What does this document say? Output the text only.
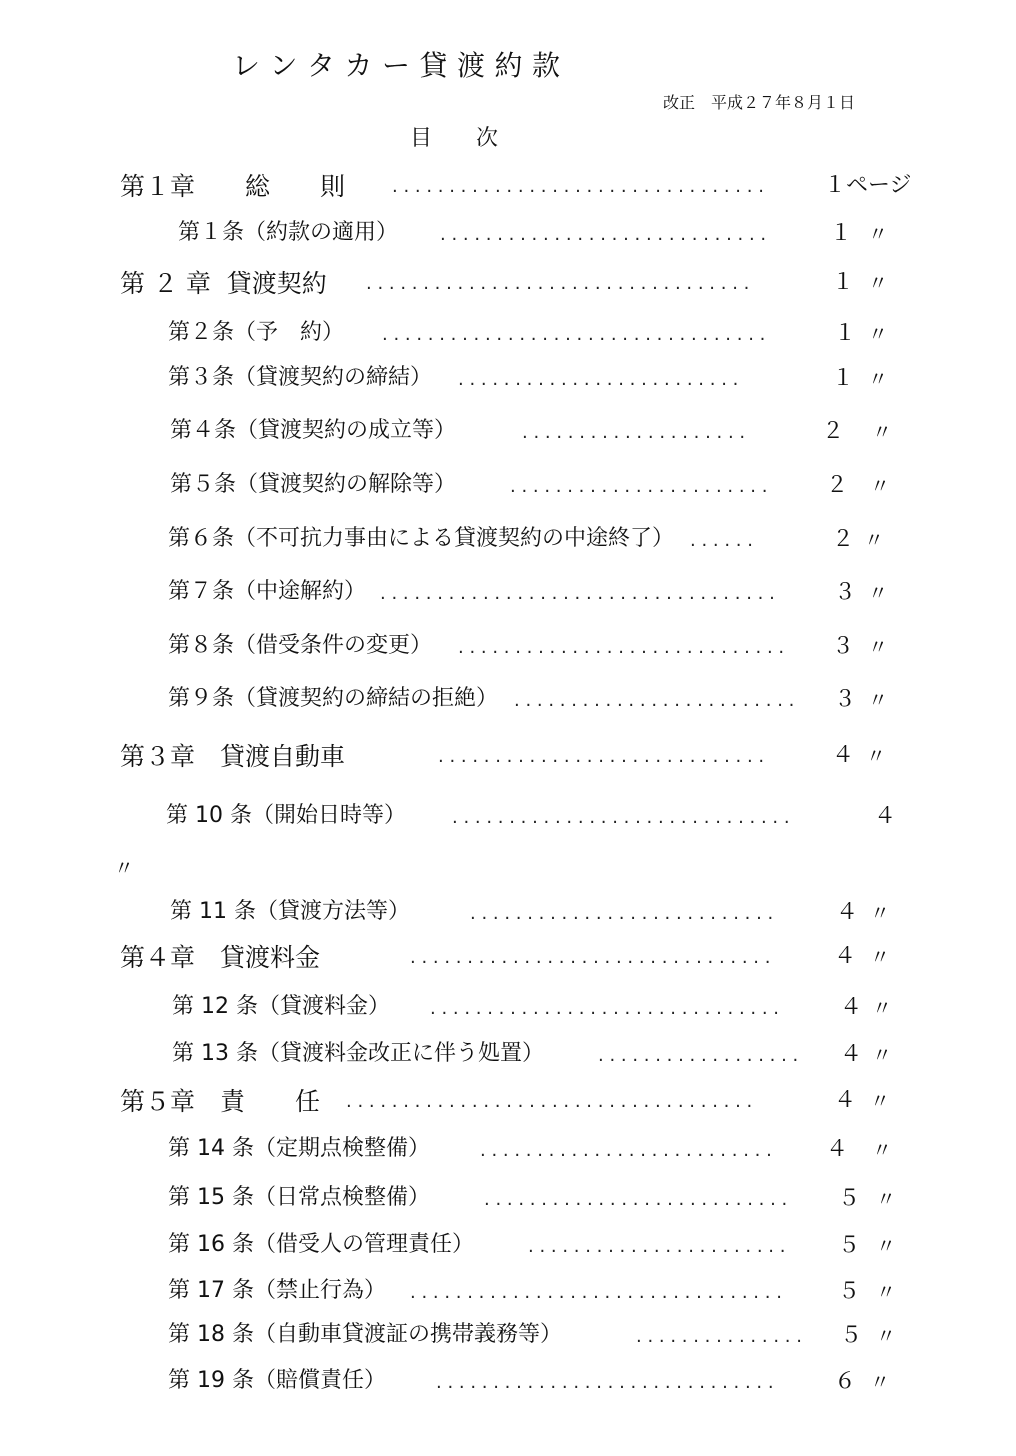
レ ン タ カ ー 貸 渡 約 款
改正　平成２７年８月１日
目　　次
第１章　　総　　則	. . . . . . . . . . . . . . . . . . . . . . . . . . . . . . . . .	１ページ
第１条（約款の適用） . . . . . . . . . . . . . . . . . . . . . . . . . . . . .	１ 〃
第 ２ 章  貸渡契約 . . . . . . . . . . . . . . . . . . . . . . . . . . . . . . . . . .	１ 〃
第２条（予　約） . . . . . . . . . . . . . . . . . . . . . . . . . . . . . . . . . .	１ 〃
第３条（貸渡契約の締結） . . . . . . . . . . . . . . . . . . . . . . . . .	１ 〃
第４条（貸渡契約の成立等）	. . . . . . . . . . . . . . . . . . . .	２ 〃
第５条（貸渡契約の解除等）	. . . . . . . . . . . . . . . . . . . . . . .	２ 〃
第６条（不可抗力事由による貸渡契約の中途終了） . . . . . .	２ 〃
第７条（中途解約） . . . . . . . . . . . . . . . . . . . . . . . . . . . . . . . . . . .	３ 〃
第８条（借受条件の変更） . . . . . . . . . . . . . . . . . . . . . . . . . . . . .	３ 〃
第９条（貸渡契約の締結の拒絶） . . . . . . . . . . . . . . . . . . . . . . . . .	３ 〃
第３章　貸渡自動車	. . . . . . . . . . . . . . . . . . . . . . . . . . . . .	４ 〃
第 10 条（開始日時等）	. . . . . . . . . . . . . . . . . . . . . . . . . . . . . .	４
〃
第 11 条（貸渡方法等）	. . . . . . . . . . . . . . . . . . . . . . . . . . .	４ 〃
第４章　貸渡料金	. . . . . . . . . . . . . . . . . . . . . . . . . . . . . . . .	４ 〃
第 12 条（貸渡料金） . . . . . . . . . . . . . . . . . . . . . . . . . . . . . . .	４ 〃
第 13 条（貸渡料金改正に伴う処置）	. . . . . . . . . . . . . . . . . .	４ 〃
第５章　責　　任 . . . . . . . . . . . . . . . . . . . . . . . . . . . . . . . . . . . .	４ 〃
第 14 条（定期点検整備）	. . . . . . . . . . . . . . . . . . . . . . . . . .	４ 〃
第 15 条（日常点検整備）	. . . . . . . . . . . . . . . . . . . . . . . . . . .	５ 〃
第 16 条（借受人の管理責任）	. . . . . . . . . . . . . . . . . . . . . . .	５ 〃
第 17 条（禁止行為） . . . . . . . . . . . . . . . . . . . . . . . . . . . . . . . . .	５ 〃
第 18 条（自動車貸渡証の携帯義務等）	. . . . . . . . . . . . . . .	５ 〃
第 19 条（賠償責任）	. . . . . . . . . . . . . . . . . . . . . . . . . . . . . .	６ 〃
